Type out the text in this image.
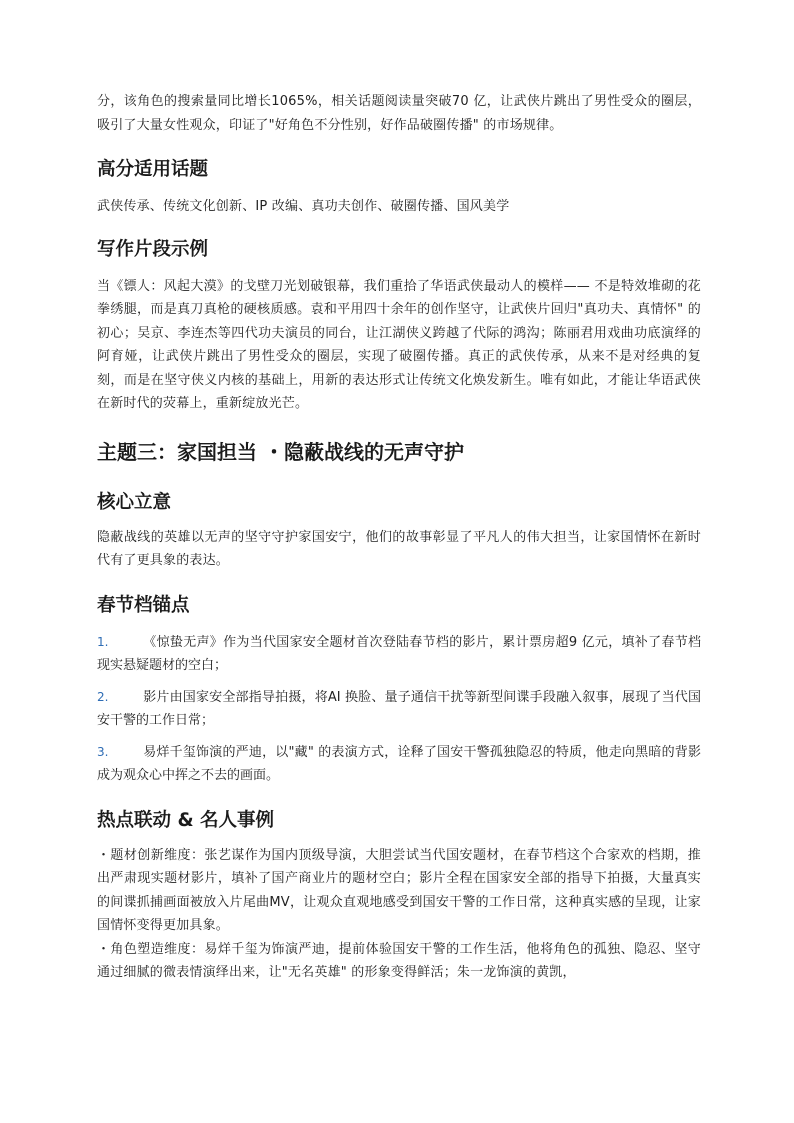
分，该角色的搜索量同比增长1065%，相关话题阅读量突破70 亿，让武侠片跳出了男性受众的圈层，吸引了大量女性观众，印证了"好角色不分性别，好作品破圈传播" 的市场规律。

高分适用话题

武侠传承、传统文化创新、IP 改编、真功夫创作、破圈传播、国风美学

写作片段示例

当《镖人：风起大漠》的戈壁刀光划破银幕，我们重拾了华语武侠最动人的模样—— 不是特效堆砌的花拳绣腿，而是真刀真枪的硬核质感。袁和平用四十余年的创作坚守，让武侠片回归"真功夫、真情怀" 的初心；吴京、李连杰等四代功夫演员的同台，让江湖侠义跨越了代际的鸿沟；陈丽君用戏曲功底演绎的阿育娅，让武侠片跳出了男性受众的圈层，实现了破圈传播。真正的武侠传承，从来不是对经典的复刻，而是在坚守侠义内核的基础上，用新的表达形式让传统文化焕发新生。唯有如此，才能让华语武侠在新时代的荧幕上，重新绽放光芒。

主题三：家国担当 ・隐蔽战线的无声守护
核心立意

隐蔽战线的英雄以无声的坚守守护家国安宁，他们的故事彰显了平凡人的伟大担当，让家国情怀在新时代有了更具象的表达。

春节档锚点
1.	《惊蛰无声》作为当代国家安全题材首次登陆春节档的影片，累计票房超9 亿元，填补了春节档现实悬疑题材的空白；
2.	影片由国家安全部指导拍摄，将AI 换脸、量子通信干扰等新型间谍手段融入叙事，展现了当代国安干警的工作日常；
3.	易烊千玺饰演的严迪，以"藏" 的表演方式，诠释了国安干警孤独隐忍的特质，他走向黑暗的背影成为观众心中挥之不去的画面。
热点联动 & 名人事例

・题材创新维度：张艺谋作为国内顶级导演，大胆尝试当代国安题材，在春节档这个合家欢的档期，推出严肃现实题材影片，填补了国产商业片的题材空白；影片全程在国家安全部的指导下拍摄，大量真实的间谍抓捕画面被放入片尾曲MV，让观众直观地感受到国安干警的工作日常，这种真实感的呈现，让家国情怀变得更加具象。

・角色塑造维度：易烊千玺为饰演严迪，提前体验国安干警的工作生活，他将角色的孤独、隐忍、坚守通过细腻的微表情演绎出来，让"无名英雄" 的形象变得鲜活；朱一龙饰演的黄凯，
